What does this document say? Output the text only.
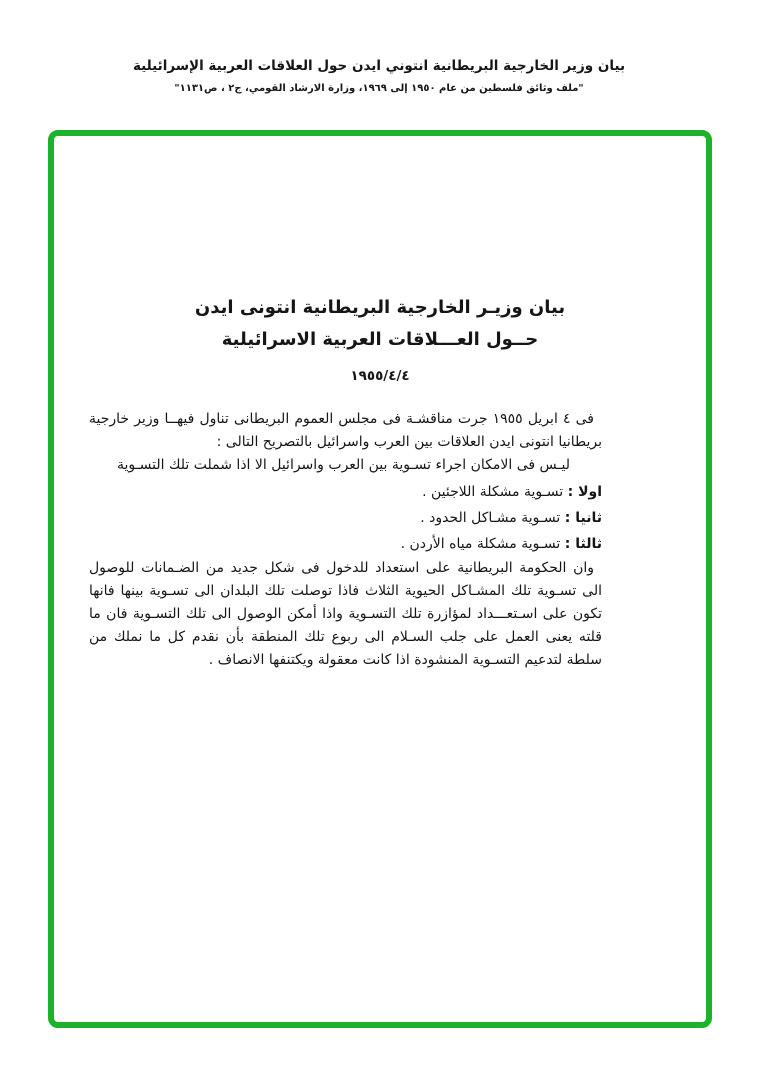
بيان وزير الخارجية البريطانية انتوني ايدن حول العلاقات العربية الإسرائيلية
"ملف وثائق فلسطين من عام ١٩٥٠ إلى ١٩٦٩، وزارة الارشاد القومي، ج٢ ، ص١١٣١"
بيان وزيـر الخارجية البريطانية انتونى ايدن
حــول العـــلاقات العربية الاسرائيلية
١٩٥٥/٤/٤

فى ٤ ابريل ١٩٥٥ جرت مناقشـة فى مجلس العموم البريطانى تناول فيهــا وزير خارجية بريطانيا انتونى ايدن العلاقات بين العرب واسرائيل بالتصريح التالى :

ليـس فى الامكان اجراء تسـوية بين العرب واسرائيل الا اذا شملت تلك التسـوية

اولا : تسـوية مشكلة اللاجئين .
ثانيا : تسـوية مشـاكل الحدود .
ثالثا : تسـوية مشكلة مياه الأردن .

وان الحكومة البريطانية على استعداد للدخول فى شكل جديد من الضـمانات للوصول الى تسـوية تلك المشـاكل الحيوية الثلاث فاذا توصلت تلك البلدان الى تسـوية بينها فانها تكون على اسـتعـــداد لمؤازرة تلك التسـوية واذا أمكن الوصول الى تلك التسـوية فان ما قلته يعنى العمل على جلب السـلام الى ربوع تلك المنطقة بأن نقدم كل ما نملك من سلطة لتدعيم التسـوية المنشودة اذا كانت معقولة ويكتنفها الانصاف .
